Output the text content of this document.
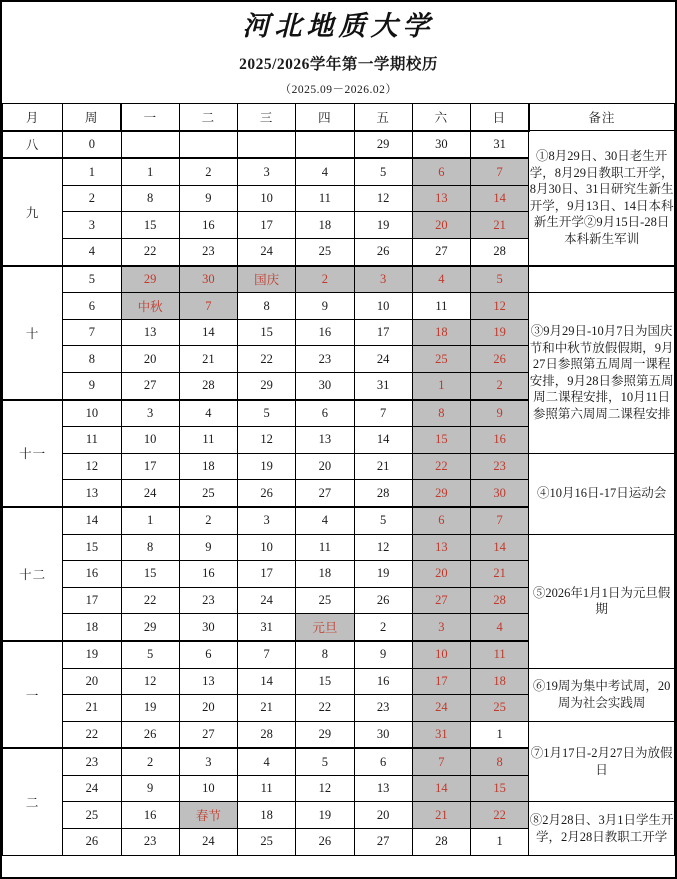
河北地质大学
2025/2026学年第一学期校历
（2025.09－2026.02）
月	周	一	二	三	四	五	六	日	备注
八	0					29	30	31	①8月29日、30日老生开学，8月29日教职工开学，8月30日、31日研究生新生开学，9月13日、14日本科新生开学②9月15日-28日本科新生军训

九	1	1	2	3	4	5	6	7	
	2	8	9	10	11	12	13	14	
	3	15	16	17	18	19	20	21	
	4	22	23	24	25	26	27	28	
十	5	29	30	国庆	2	3	4	5	

	6	中秋	7	8	9	10	11	12	③9月29日-10月7日为国庆节和中秋节放假假期，9月27日参照第五周周一课程安排，9月28日参照第五周周二课程安排，10月11日参照第六周周二课程安排

	7	13	14	15	16	17	18	19	
	8	20	21	22	23	24	25	26	
	9	27	28	29	30	31	1	2	
十一	10	3	4	5	6	7	8	9	
	11	10	11	12	13	14	15	16	
	12	17	18	19	20	21	22	23	④10月16日-17日运动会

	13	24	25	26	27	28	29	30	
十二	14	1	2	3	4	5	6	7	
	15	8	9	10	11	12	13	14	⑤2026年1月1日为元旦假期

	16	15	16	17	18	19	20	21	
	17	22	23	24	25	26	27	28	
	18	29	30	31	元旦	2	3	4	
一	19	5	6	7	8	9	10	11	
	20	12	13	14	15	16	17	18	⑥19周为集中考试周，20周为社会实践周

	21	19	20	21	22	23	24	25	
	22	26	27	28	29	30	31	1	⑦1月17日-2月27日为放假日

二	23	2	3	4	5	6	7	8	
	24	9	10	11	12	13	14	15	
	25	16	春节	18	19	20	21	22	⑧2月28日、3月1日学生开学，2月28日教职工开学

	26	23	24	25	26	27	28	1	
